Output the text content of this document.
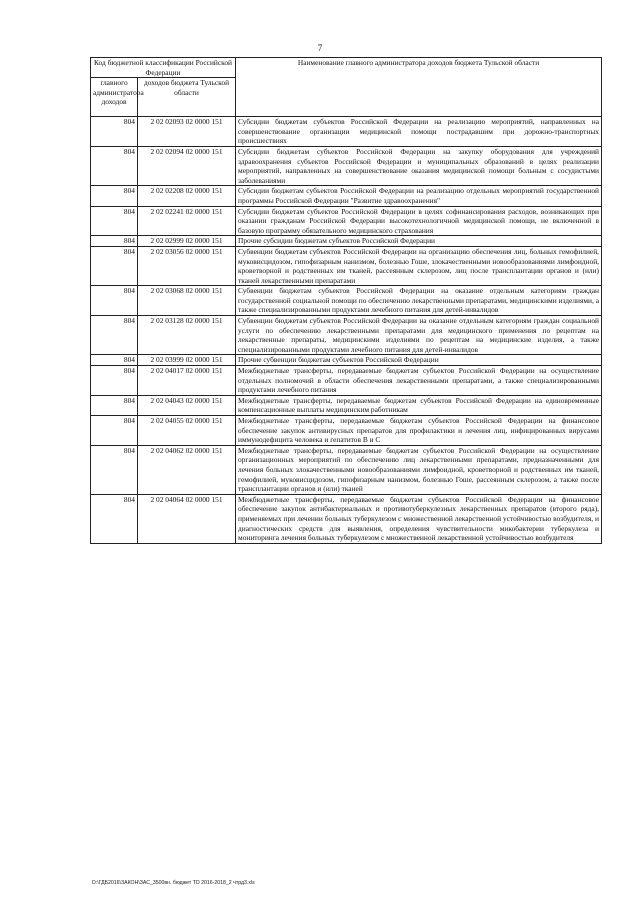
7
Код бюджетной классификации Российской Федерации		Наименование главного администратора доходов бюджета Тульской области
главного администратора доходов	доходов бюджета Тульской области	
804	2 02 02093 02 0000 151	Субсидии бюджетам субъектов Российской Федерации на реализацию мероприятий, направленных на совершенствование организации медицинской помощи пострадавшим при дорожно-транспортных происшествиях
804	2 02 02094 02 0000 151	Субсидии бюджетам субъектов Российской Федерации на закупку оборудования для учреждений здравоохранения субъектов Российской Федерации и муниципальных образований в целях реализации мероприятий, направленных на совершенствование оказания медицинской помощи больным с сосудистыми заболеваниями
804	2 02 02208 02 0000 151	Субсидии бюджетам субъектов Российской Федерации на реализацию отдельных мероприятий государственной программы Российской Федерации "Развитие здравоохранения"
804	2 02 02241 02 0000 151	Субсидии бюджетам субъектов Российской Федерации в целях софинансирования расходов, возникающих при оказании гражданам Российской Федерации высокотехнологичной медицинской помощи, не включенной в базовую программу обязательного медицинского страхования
804	2 02 02999 02 0000 151	Прочие субсидии бюджетам субъектов Российской Федерации
804	2 02 03056 02 0000 151	Субвенции бюджетам субъектов Российской Федерации на организацию обеспечения лиц, больных гемофилией, муковисцидозом, гипофизарным нанизмом, болезнью Гоше, злокачественными новообразованиями лимфоидной, кроветворной и родственных им тканей, рассеянным склерозом, лиц после трансплантации органов и (или) тканей лекарственными препаратами
804	2 02 03068 02 0000 151	Субвенции бюджетам субъектов Российской Федерации на оказание отдельным категориям граждан государственной социальной помощи по обеспечению лекарственными препаратами, медицинскими изделиями, а также специализированными продуктами лечебного питания для детей-инвалидов
804	2 02 03128 02 0000 151	Субвенции бюджетам субъектов Российской Федерации на оказание отдельным категориям граждан социальной услуги по обеспечению лекарственными препаратами для медицинского применения по рецептам на лекарственные препараты, медицинскими изделиями по рецептам на медицинские изделия, а также специализированными продуктами лечебного питания для детей-инвалидов
804	2 02 03999 02 0000 151	Прочие субвенции бюджетам субъектов Российской Федерации
804	2 02 04017 02 0000 151	Межбюджетные трансферты, передаваемые бюджетам субъектов Российской Федерации на осуществление отдельных полномочий в области обеспечения лекарственными препаратами, а также специализированными продуктами лечебного питания
804	2 02 04043 02 0000 151	Межбюджетные трансферты, передаваемые бюджетам субъектов Российской Федерации на единовременные компенсационные выплаты медицинским работникам
804	2 02 04055 02 0000 151	Межбюджетные трансферты, передаваемые бюджетам субъектов Российской Федерации на финансовое обеспечение закупок антивирусных препаратов для профилактики и лечения лиц, инфицированных вирусами иммунодефицита человека и гепатитов В и С
804	2 02 04062 02 0000 151	Межбюджетные трансферты, передаваемые бюджетам субъектов Российской Федерации на осуществление организационных мероприятий по обеспечению лиц лекарственными препаратами, предназначенными для лечения больных злокачественными новообразованиями лимфоидной, кроветворной и родственных им тканей, гемофилией, муковисцидозом, гипофизарным нанизмом, болезнью Гоше, рассеянным склерозом, а также после трансплантации органов и (или) тканей
804	2 02 04064 02 0000 151	Межбюджетные трансферты, передаваемые бюджетам субъектов Российской Федерации на финансовое обеспечение закупок антибактериальных и противотуберкулезных лекарственных препаратов (второго ряда), применяемых при лечении больных туберкулезом с множественной лекарственной устойчивостью возбудителя, и диагностических средств для выявления, определения чувствительности микобактерии туберкулеза и мониторинга лечения больных туберкулезом с множественной лекарственной устойчивостью возбудителя
D:\ГДБ2016\ЗАКОН\ЗАС_3500вн. бюджет ТО 2016-2018_2 чтрд3.xls
